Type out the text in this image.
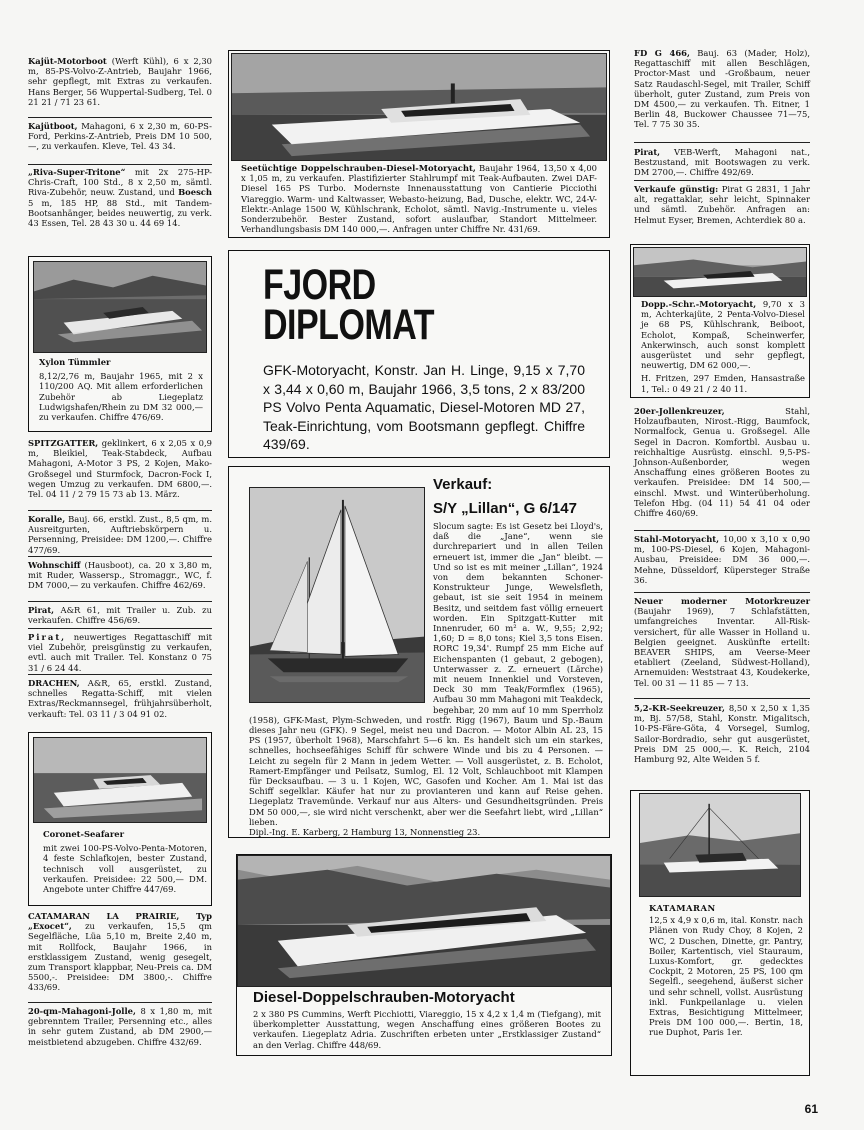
Kajüt-Motorboot (Werft Kühl), 6 x 2,30 m, 85-PS-Volvo-Z-Antrieb, Baujahr 1966, sehr gepflegt, mit Extras zu verkaufen. Hans Berger, 56 Wuppertal-Sudberg, Tel. 0 21 21 / 71 23 61.
Kajütboot, Mahagoni, 6 x 2,30 m, 60-PS-Ford, Perkins-Z-Antrieb, Preis DM 10 500,—, zu verkaufen. Kleve, Tel. 43 34.
„Riva-Super-Tritone“ mit 2x 275-HP-Chris-Craft, 100 Std., 8 x 2,50 m, sämtl. Riva-Zubehör, neuw. Zustand, und Boesch 5 m, 185 HP, 88 Std., mit Tandem-Bootsanhänger, beides neuwertig, zu verk. 43 Essen, Tel. 28 43 30 u. 44 69 14.
Xylon Tümmler
8,12/2,76 m, Baujahr 1965, mit 2 x 110/200 AQ. Mit allem erforderlichen Zubehör ab Liegeplatz Ludwigshafen/Rhein zu DM 32 000,— zu verkaufen. Chiffre 476/69.
SPITZGATTER, geklinkert, 6 x 2,05 x 0,9 m, Bleikiel, Teak-Stabdeck, Aufbau Mahagoni, A-Motor 3 PS, 2 Kojen, Mako-Großsegel und Sturmfock, Dacron-Fock I, wegen Umzug zu verkaufen. DM 6800,—. Tel. 04 11 / 2 79 15 73 ab 13. März.
Koralle, Bauj. 66, erstkl. Zust., 8,5 qm, m. Ausreitgurten, Auftriebskörpern u. Persenning, Preisidee: DM 1200,—. Chiffre 477/69.
Wohnschiff (Hausboot), ca. 20 x 3,80 m, mit Ruder, Wassersp., Stromaggr., WC, f. DM 7000,— zu verkaufen. Chiffre 462/69.
Pirat, A&R 61, mit Trailer u. Zub. zu verkaufen. Chiffre 456/69.
Pirat, neuwertiges Regattaschiff mit viel Zubehör, preisgünstig zu verkaufen, evtl. auch mit Trailer. Tel. Konstanz 0 75 31 / 6 24 44.
DRACHEN, A&R, 65, erstkl. Zustand, schnelles Regatta-Schiff, mit vielen Extras/Reckmannsegel, frühjahrsüberholt, verkauft: Tel. 03 11 / 3 04 91 02.
Coronet-Seafarer
mit zwei 100-PS-Volvo-Penta-Motoren, 4 feste Schlafkojen, bester Zustand, technisch voll ausgerüstet, zu verkaufen. Preisidee: 22 500,— DM. Angebote unter Chiffre 447/69.
CATAMARAN LA PRAIRIE, Typ „Exocet“, zu verkaufen, 15,5 qm Segelfläche, Lüa 5,10 m, Breite 2,40 m, mit Rollfock, Baujahr 1966, in erstklassigem Zustand, wenig gesegelt, zum Transport klappbar, Neu-Preis ca. DM 5500,-. Preisidee: DM 3800,-. Chiffre 433/69.
20-qm-Mahagoni-Jolle, 8 x 1,80 m, mit gebrenntem Trailer, Persenning etc., alles in sehr gutem Zustand, ab DM 2900,— meistbietend abzugeben. Chiffre 432/69.
Seetüchtige Doppelschrauben-Diesel-Motoryacht, Baujahr 1964, 13,50 x 4,00 x 1,05 m, zu verkaufen. Plastifizierter Stahlrumpf mit Teak-Aufbauten. Zwei DAF-Diesel 165 PS Turbo. Modernste Innenausstattung von Cantierie Picciothi Viareggio. Warm- und Kaltwasser, Webasto-heizung, Bad, Dusche, elektr. WC, 24-V-Elektr.-Anlage 1500 W, Kühlschrank, Echolot, sämtl. Navig.-Instrumente u. vieles Sonderzubehör. Bester Zustand, sofort auslaufbar, Standort Mittelmeer. Verhandlungsbasis DM 140 000,—. Anfragen unter Chiffre Nr. 431/69.
FJORD
DIPLOMAT
GFK-Motoryacht, Konstr. Jan H. Linge, 9,15 x 7,70 x 3,44 x 0,60 m, Baujahr 1966, 3,5 tons, 2 x 83/200 PS Volvo Penta Aquamatic, Diesel-Motoren MD 27, Teak-Einrichtung, vom Bootsmann gepflegt. Chiffre 439/69.
Verkauf:
S/Y „Lillan“, G 6/147
Slocum sagte: Es ist Gesetz bei Lloyd's, daß die „Jane“, wenn sie durchrepariert und in allen Teilen erneuert ist, immer die „Jan“ bleibt. — Und so ist es mit meiner „Lillan“, 1924 von dem bekannten Schoner-Konstrukteur Junge, Wewelsfleth, gebaut, ist sie seit 1954 in meinem Besitz, und seitdem fast völlig erneuert worden. Ein Spitzgatt-Kutter mit Innenruder, 60 m² a. W., 9,55; 2,92; 1,60; D = 8,0 tons; Kiel 3,5 tons Eisen. RORC 19,34'. Rumpf 25 mm Eiche auf Eichenspanten (1 gebaut, 2 gebogen), Unterwasser z. Z. erneuert (Lärche) mit neuem Innenkiel und Vorsteven, Deck 30 mm Teak/Formflex (1965), Aufbau 30 mm Mahagoni mit Teakdeck, begehbar, 20 mm auf 10 mm Sperrholz (1958), GFK-Mast, Plym-Schweden, und rostfr. Rigg (1967), Baum und Sp.-Baum dieses Jahr neu (GFK). 9 Segel, meist neu und Dacron. — Motor Albin AL 23, 15 PS (1957, überholt 1968), Marschfahrt 5—6 kn. Es handelt sich um ein starkes, schnelles, hochseefähiges Schiff für schwere Winde und bis zu 4 Personen. — Leicht zu segeln für 2 Mann in jedem Wetter. — Voll ausgerüstet, z. B. Echolot, Ramert-Empfänger und Peilsatz, Sumlog, El. 12 Volt, Schlauchboot mit Klampen für Decksaufbau. — 3 u. 1 Kojen, WC, Gasofen und Kocher. Am 1. Mai ist das Schiff segelklar. Käufer hat nur zu provianteren und kann auf Reise gehen. Liegeplatz Travemünde. Verkauf nur aus Alters- und Gesundheitsgründen. Preis DM 50 000,—, sie wird nicht verschenkt, aber wer die Seefahrt liebt, wird „Lillan“ lieben.
Dipl.-Ing. E. Karberg, 2 Hamburg 13, Nonnenstieg 23.
Diesel-Doppelschrauben-Motoryacht
2 x 380 PS Cummins, Werft Picchiotti, Viareggio, 15 x 4,2 x 1,4 m (Tiefgang), mit überkompletter Ausstattung, wegen Anschaffung eines größeren Bootes zu verkaufen. Liegeplatz Adria. Zuschriften erbeten unter „Erstklassiger Zustand“ an den Verlag. Chiffre 448/69.
FD G 466, Bauj. 63 (Mader, Holz), Regattaschiff mit allen Beschlägen, Proctor-Mast und -Großbaum, neuer Satz Raudaschl-Segel, mit Trailer, Schiff überholt, guter Zustand, zum Preis von DM 4500,— zu verkaufen. Th. Eitner, 1 Berlin 48, Buckower Chaussee 71—75, Tel. 7 75 30 35.
Pirat, VEB-Werft, Mahagoni nat., Bestzustand, mit Bootswagen zu verk. DM 2700,—. Chiffre 492/69.
Verkaufe günstig: Pirat G 2831, 1 Jahr alt, regattaklar, sehr leicht, Spinnaker und sämtl. Zubehör. Anfragen an: Helmut Eyser, Bremen, Achterdiek 80 a.
Dopp.-Schr.-Motoryacht, 9,70 x 3 m, Achterkajüte, 2 Penta-Volvo-Diesel je 68 PS, Kühlschrank, Beiboot, Echolot, Kompaß, Scheinwerfer, Ankerwinsch, auch sonst komplett ausgerüstet und sehr gepflegt, neuwertig, DM 62 000,—.
H. Fritzen, 297 Emden, Hansastraße 1, Tel.: 0 49 21 / 2 40 11.
20er-Jollenkreuzer,	Stahl, Holzaufbauten, Nirost.-Rigg, Baumfock, Normalfock, Genua u. Großsegel. Alle Segel in Dacron. Komfortbl. Ausbau u. reichhaltige Ausrüstg. einschl. 9,5-PS-Johnson-Außenborder, wegen Anschaffung eines größeren Bootes zu verkaufen. Preisidee: DM 14 500,— einschl. Mwst. und Winterüberholung. Telefon Hbg. (04 11) 54 41 04 oder Chiffre 460/69.
Stahl-Motoryacht, 10,00 x 3,10 x 0,90 m, 100-PS-Diesel, 6 Kojen, Mahagoni-Ausbau, Preisidee: DM 36 000,—. Mehne, Düsseldorf, Küpersteger Straße 36.
Neuer moderner Motorkreuzer (Baujahr 1969), 7 Schlafstätten, umfangreiches Inventar. All-Risk-versichert, für alle Wasser in Holland u. Belgien geeignet. Auskünfte erteilt: BEAVER SHIPS, am Veerse-Meer etabliert (Zeeland, Südwest-Holland), Arnemuiden: Weststraat 43, Koudekerke, Tel. 00 31 — 11 85 — 7 13.
5,2-KR-Seekreuzer, 8,50 x 2,50 x 1,35 m, Bj. 57/58, Stahl, Konstr. Migalitsch, 10-PS-Färe-Göta, 4 Vorsegel, Sumlog, Sailor-Bordradio, sehr gut ausgerüstet, Preis DM 25 000,—. K. Reich, 2104 Hamburg 92, Alte Weiden 5 f.
KATAMARAN
12,5 x 4,9 x 0,6 m, ital. Konstr. nach Plänen von Rudy Choy, 8 Kojen, 2 WC, 2 Duschen, Dinette, gr. Pantry, Boiler, Kartentisch, viel Stauraum, Luxus-Komfort, gr. gedecktes Cockpit, 2 Motoren, 25 PS, 100 qm Segelfl., seegehend, äußerst sicher und sehr schnell, vollst. Ausrüstung inkl. Funkpeilanlage u. vielen Extras, Besichtigung Mittelmeer, Preis DM 100 000,—. Bertin, 18, rue Duphot, Paris 1er.
61
